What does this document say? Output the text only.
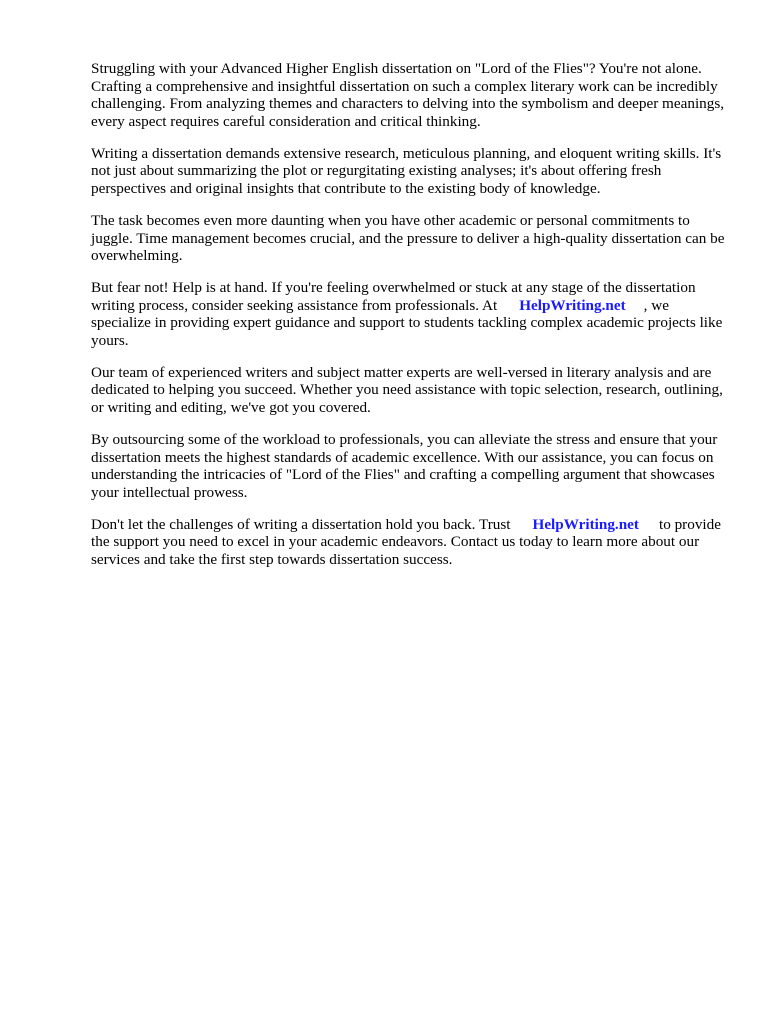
Struggling with your Advanced Higher English dissertation on "Lord of the Flies"? You're not alone. Crafting a comprehensive and insightful dissertation on such a complex literary work can be incredibly challenging. From analyzing themes and characters to delving into the symbolism and deeper meanings, every aspect requires careful consideration and critical thinking.

Writing a dissertation demands extensive research, meticulous planning, and eloquent writing skills. It's not just about summarizing the plot or regurgitating existing analyses; it's about offering fresh perspectives and original insights that contribute to the existing body of knowledge.

The task becomes even more daunting when you have other academic or personal commitments to juggle. Time management becomes crucial, and the pressure to deliver a high-quality dissertation can be overwhelming.

But fear not! Help is at hand. If you're feeling overwhelmed or stuck at any stage of the dissertation writing process, consider seeking assistance from professionals. At HelpWriting.net , we specialize in providing expert guidance and support to students tackling complex academic projects like yours.

Our team of experienced writers and subject matter experts are well-versed in literary analysis and are dedicated to helping you succeed. Whether you need assistance with topic selection, research, outlining, or writing and editing, we've got you covered.

By outsourcing some of the workload to professionals, you can alleviate the stress and ensure that your dissertation meets the highest standards of academic excellence. With our assistance, you can focus on understanding the intricacies of "Lord of the Flies" and crafting a compelling argument that showcases your intellectual prowess.

Don't let the challenges of writing a dissertation hold you back. Trust HelpWriting.net to provide the support you need to excel in your academic endeavors. Contact us today to learn more about our services and take the first step towards dissertation success.
